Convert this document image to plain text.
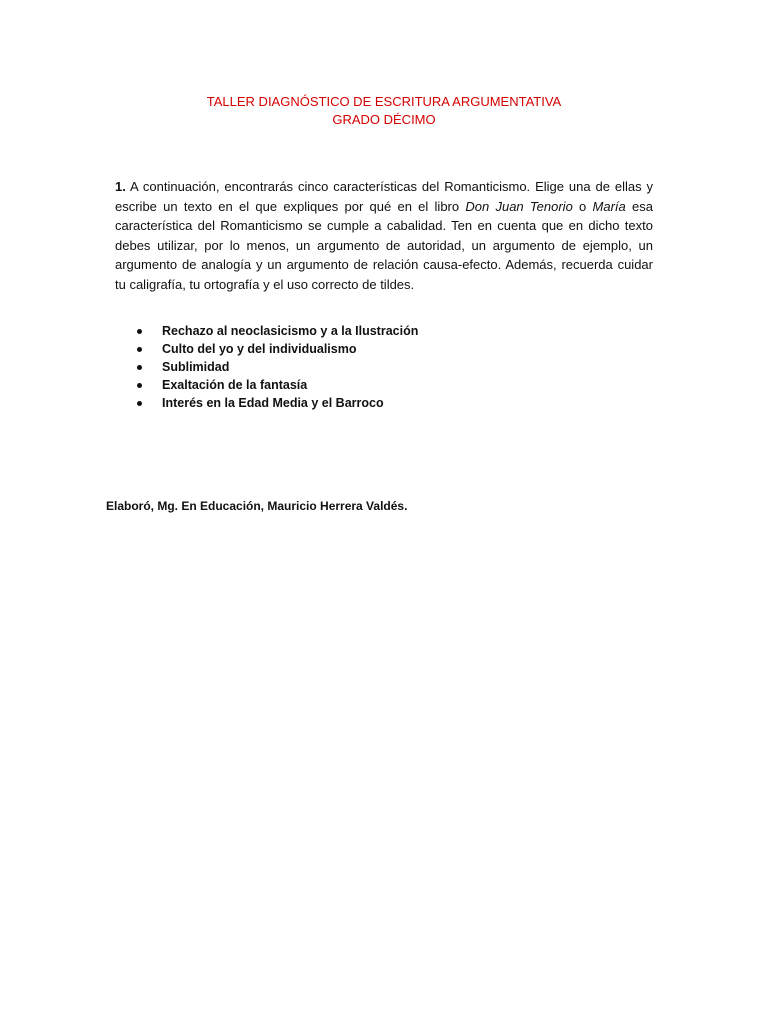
TALLER DIAGNÓSTICO DE ESCRITURA ARGUMENTATIVA
GRADO DÉCIMO

1. A continuación, encontrarás cinco características del Romanticismo. Elige una de ellas y escribe un texto en el que expliques por qué en el libro Don Juan Tenorio o María esa característica del Romanticismo se cumple a cabalidad. Ten en cuenta que en dicho texto debes utilizar, por lo menos, un argumento de autoridad, un argumento de ejemplo, un argumento de analogía y un argumento de relación causa-efecto. Además, recuerda cuidar tu caligrafía, tu ortografía y el uso correcto de tildes.

Rechazo al neoclasicismo y a la Ilustración
Culto del yo y del individualismo
Sublimidad
Exaltación de la fantasía
Interés en la Edad Media y el Barroco
Elaboró, Mg. En Educación, Mauricio Herrera Valdés.
